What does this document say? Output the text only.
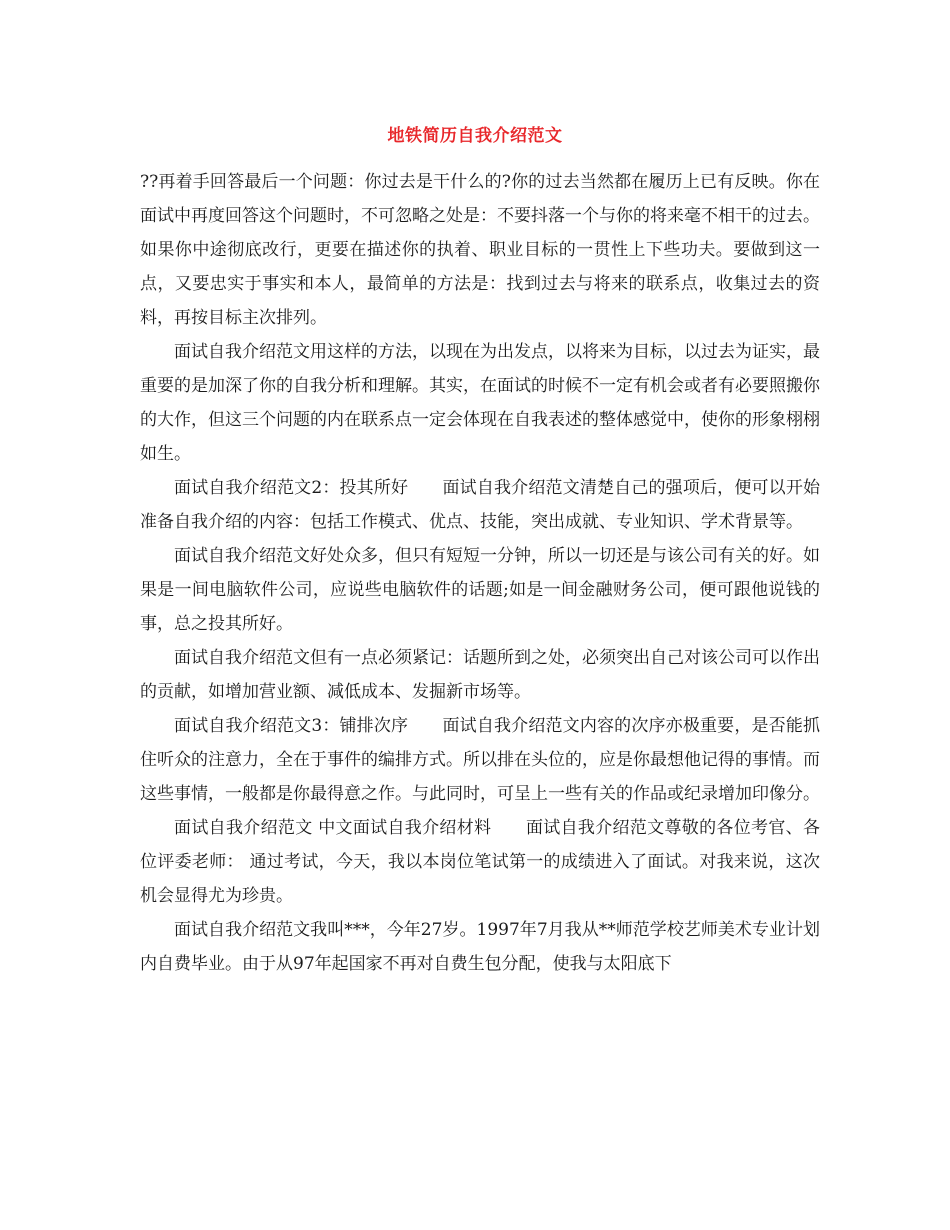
地铁简历自我介绍范文

??再着手回答最后一个问题：你过去是干什么的?你的过去当然都在履历上已有反映。你在面试中再度回答这个问题时，不可忽略之处是：不要抖落一个与你的将来毫不相干的过去。如果你中途彻底改行，更要在描述你的执着、职业目标的一贯性上下些功夫。要做到这一点，又要忠实于事实和本人，最简单的方法是：找到过去与将来的联系点，收集过去的资料，再按目标主次排列。

面试自我介绍范文用这样的方法，以现在为出发点，以将来为目标，以过去为证实，最重要的是加深了你的自我分析和理解。其实，在面试的时候不一定有机会或者有必要照搬你的大作，但这三个问题的内在联系点一定会体现在自我表述的整体感觉中，使你的形象栩栩如生。

面试自我介绍范文2：投其所好　　面试自我介绍范文清楚自己的强项后，便可以开始准备自我介绍的内容：包括工作模式、优点、技能，突出成就、专业知识、学术背景等。

面试自我介绍范文好处众多，但只有短短一分钟，所以一切还是与该公司有关的好。如果是一间电脑软件公司，应说些电脑软件的话题;如是一间金融财务公司，便可跟他说钱的事，总之投其所好。

面试自我介绍范文但有一点必须紧记：话题所到之处，必须突出自己对该公司可以作出的贡献，如增加营业额、减低成本、发掘新市场等。

面试自我介绍范文3：铺排次序　　面试自我介绍范文内容的次序亦极重要，是否能抓住听众的注意力，全在于事件的编排方式。所以排在头位的，应是你最想他记得的事情。而这些事情，一般都是你最得意之作。与此同时，可呈上一些有关的作品或纪录增加印像分。

面试自我介绍范文 中文面试自我介绍材料　　面试自我介绍范文尊敬的各位考官、各位评委老师： 通过考试，今天，我以本岗位笔试第一的成绩进入了面试。对我来说，这次机会显得尤为珍贵。

面试自我介绍范文我叫***，今年27岁。1997年7月我从**师范学校艺师美术专业计划内自费毕业。由于从97年起国家不再对自费生包分配，使我与太阳底下
